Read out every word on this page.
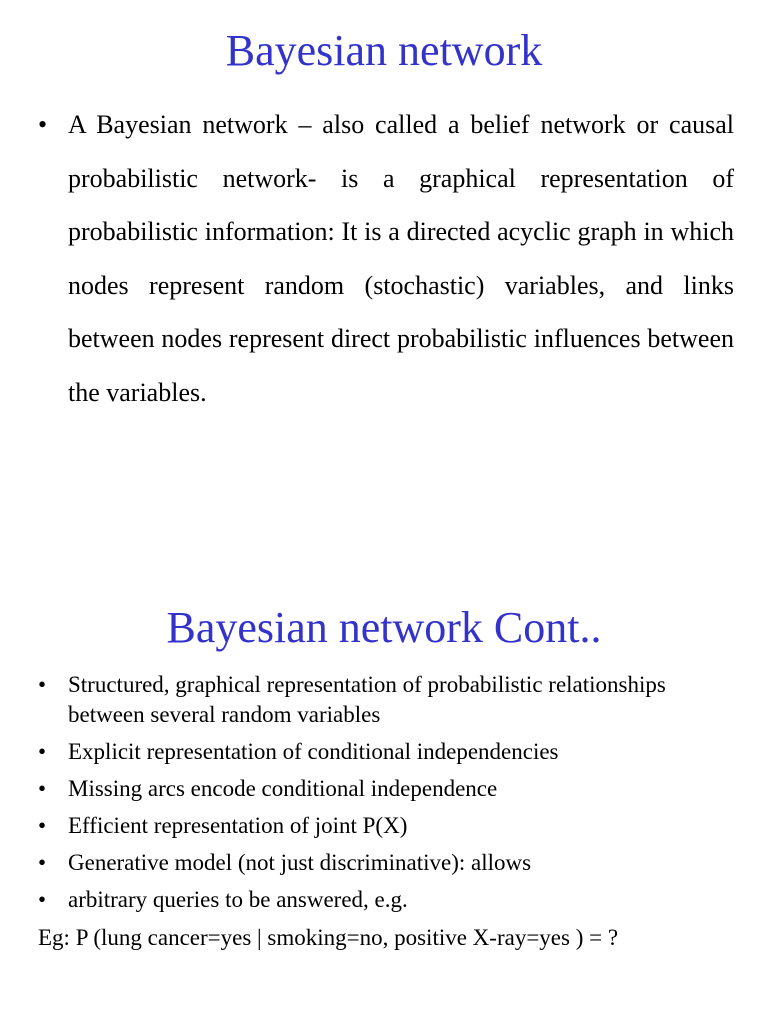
Bayesian network
• A Bayesian network – also called a belief network or causal probabilistic network- is a graphical representation of probabilistic information: It is a directed acyclic graph in which nodes represent random (stochastic) variables, and links between nodes represent direct probabilistic influences between the variables.

Bayesian network Cont..
• Structured, graphical representation of probabilistic relationships between several random variables
• Explicit representation of conditional independencies
• Missing arcs encode conditional independence
• Efficient representation of joint P(X)
• Generative model (not just discriminative): allows
• arbitrary queries to be answered, e.g.

Eg: P (lung cancer=yes | smoking=no, positive X-ray=yes ) = ?
